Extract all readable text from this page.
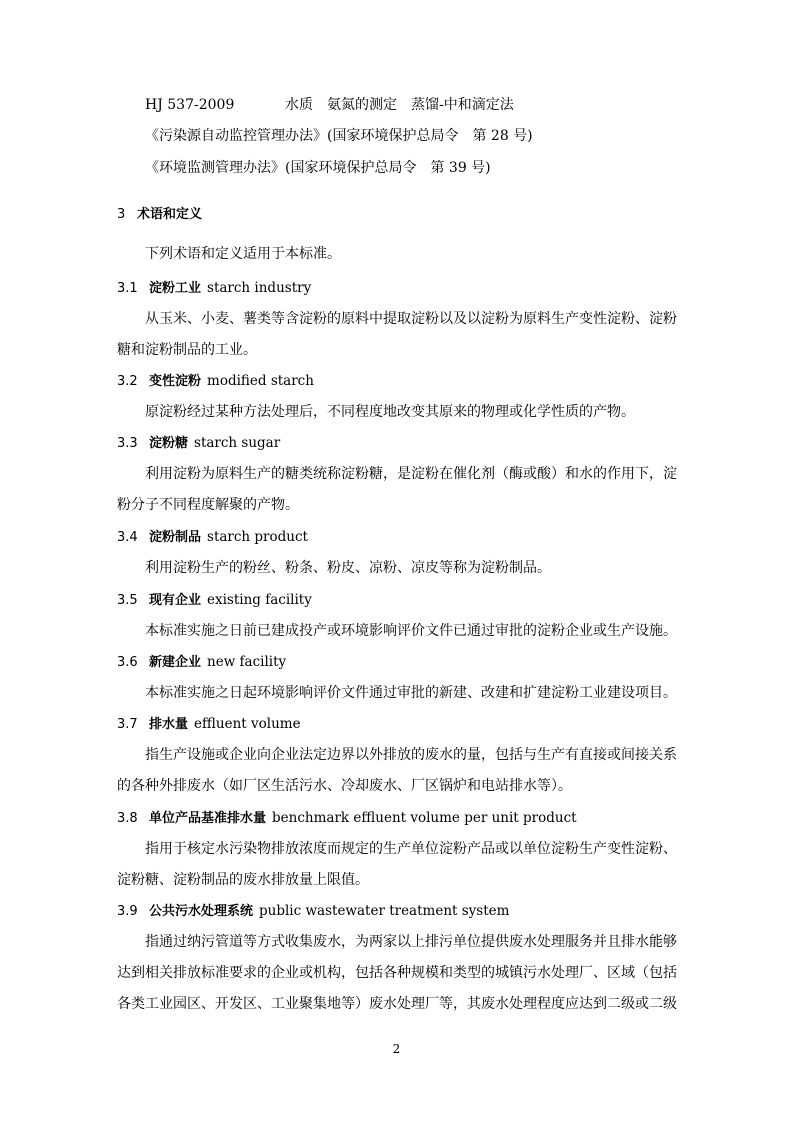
HJ 537-2009	水质　氨氮的测定　蒸馏-中和滴定法
《污染源自动监控管理办法》(国家环境保护总局令　第 28 号)
《环境监测管理办法》(国家环境保护总局令　第 39 号)
3 术语和定义
下列术语和定义适用于本标准。
3.1 淀粉工业 starch industry
从玉米、小麦、薯类等含淀粉的原料中提取淀粉以及以淀粉为原料生产变性淀粉、淀粉
糖和淀粉制品的工业。
3.2 变性淀粉 modified starch
原淀粉经过某种方法处理后，不同程度地改变其原来的物理或化学性质的产物。
3.3 淀粉糖 starch sugar
利用淀粉为原料生产的糖类统称淀粉糖，是淀粉在催化剂（酶或酸）和水的作用下，淀
粉分子不同程度解聚的产物。
3.4 淀粉制品 starch product
利用淀粉生产的粉丝、粉条、粉皮、凉粉、凉皮等称为淀粉制品。
3.5 现有企业 existing facility
本标准实施之日前已建成投产或环境影响评价文件已通过审批的淀粉企业或生产设施。
3.6 新建企业 new facility
本标准实施之日起环境影响评价文件通过审批的新建、改建和扩建淀粉工业建设项目。
3.7 排水量 effluent volume
指生产设施或企业向企业法定边界以外排放的废水的量，包括与生产有直接或间接关系
的各种外排废水（如厂区生活污水、冷却废水、厂区锅炉和电站排水等）。
3.8 单位产品基准排水量 benchmark effluent volume per unit product
指用于核定水污染物排放浓度而规定的生产单位淀粉产品或以单位淀粉生产变性淀粉、
淀粉糖、淀粉制品的废水排放量上限值。
3.9 公共污水处理系统 public wastewater treatment system
指通过纳污管道等方式收集废水，为两家以上排污单位提供废水处理服务并且排水能够
达到相关排放标准要求的企业或机构，包括各种规模和类型的城镇污水处理厂、区域（包括
各类工业园区、开发区、工业聚集地等）废水处理厂等，其废水处理程度应达到二级或二级
2
